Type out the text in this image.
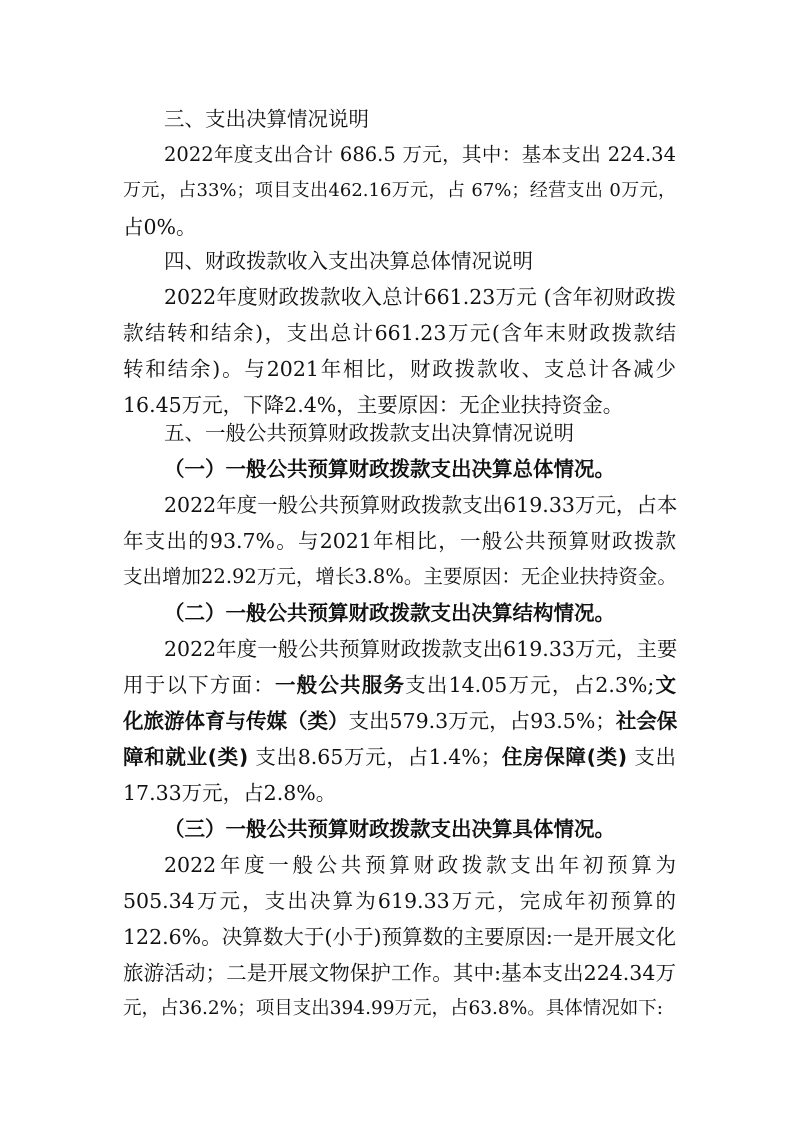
三、支出决算情况说明
2022年度支出合计 686.5 万元，其中：基本支出 224.34
万元，占33%；项目支出462.16万元，占 67%；经营支出 0万元，
占0%。
四、财政拨款收入支出决算总体情况说明
2022年度财政拨款收入总计661.23万元 (含年初财政拨
款结转和结余)，支出总计661.23万元(含年末财政拨款结
转和结余)。与2021年相比，财政拨款收、支总计各减少
16.45万元，下降2.4%，主要原因：无企业扶持资金。
五、一般公共预算财政拨款支出决算情况说明
（一）一般公共预算财政拨款支出决算总体情况。
2022年度一般公共预算财政拨款支出619.33万元，占本
年支出的93.7%。与2021年相比，一般公共预算财政拨款
支出增加22.92万元，增长3.8%。主要原因：无企业扶持资金。
（二）一般公共预算财政拨款支出决算结构情况。
2022年度一般公共预算财政拨款支出619.33万元，主要
用于以下方面：一般公共服务支出14.05万元，占2.3%;文
化旅游体育与传媒（类）支出579.3万元，占93.5%；社会保
障和就业(类) 支出8.65万元，占1.4%；住房保障(类) 支出
17.33万元，占2.8%。
（三）一般公共预算财政拨款支出决算具体情况。
2022年度一般公共预算财政拨款支出年初预算为
505.34万元，支出决算为619.33万元，完成年初预算的
122.6%。决算数大于(小于)预算数的主要原因:一是开展文化
旅游活动；二是开展文物保护工作。其中:基本支出224.34万
元，占36.2%；项目支出394.99万元，占63.8%。具体情况如下:
